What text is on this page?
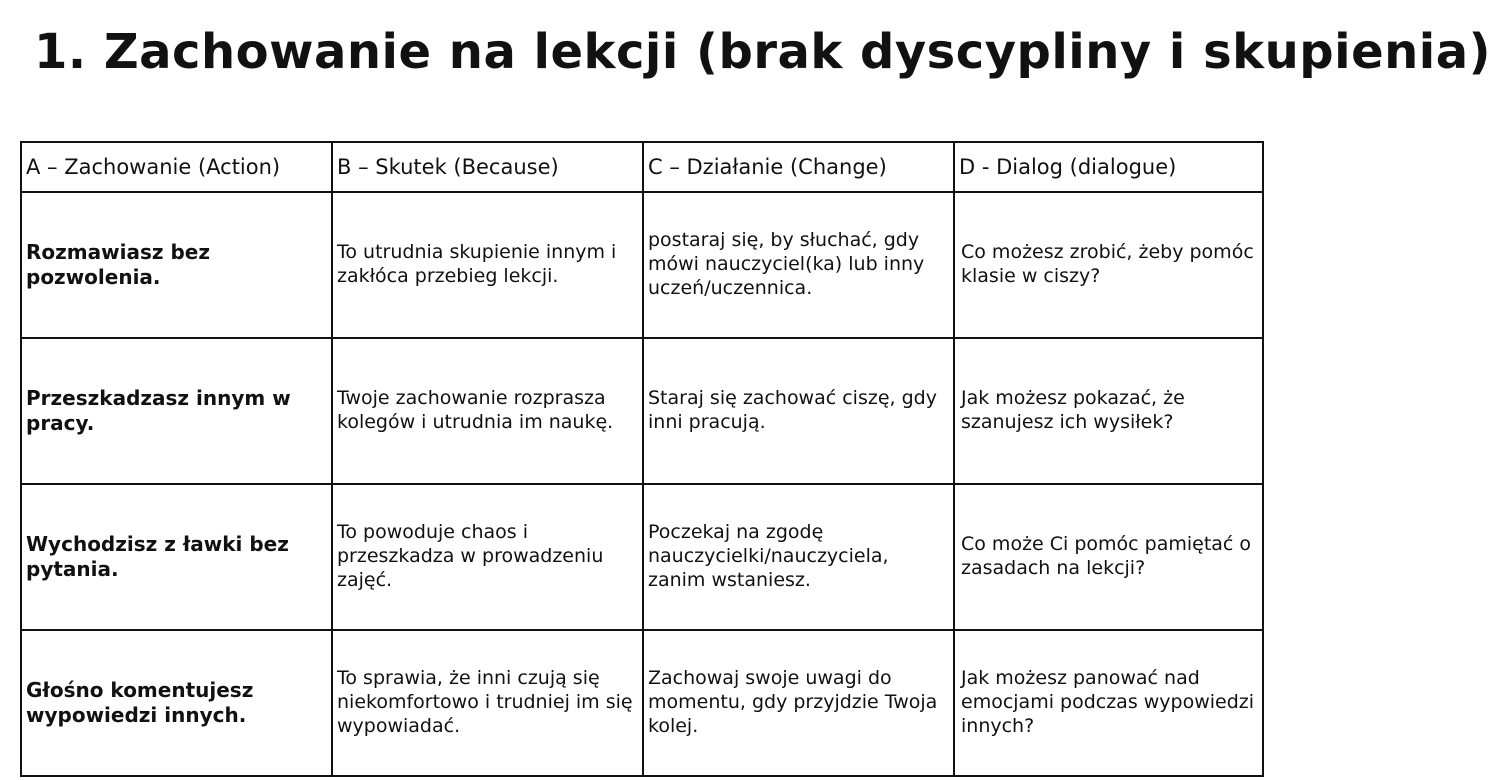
1. Zachowanie na lekcji (brak dyscypliny i skupienia)
A – Zachowanie (Action)	B – Skutek (Because)	C – Działanie (Change)	D - Dialog (dialogue)
Rozmawiasz bez pozwolenia.	To utrudnia skupienie innym i zakłóca przebieg lekcji.	postaraj się, by słuchać, gdy mówi nauczyciel(ka) lub inny uczeń/uczennica.	Co możesz zrobić, żeby pomóc klasie w ciszy?
Przeszkadzasz innym w pracy.	Twoje zachowanie rozprasza kolegów i utrudnia im naukę.	Staraj się zachować ciszę, gdy inni pracują.	Jak możesz pokazać, że szanujesz ich wysiłek?
Wychodzisz z ławki bez pytania.	To powoduje chaos i przeszkadza w prowadzeniu zajęć.	Poczekaj na zgodę nauczycielki/nauczyciela, zanim wstaniesz.	Co może Ci pomóc pamiętać o zasadach na lekcji?
Głośno komentujesz wypowiedzi innych.	To sprawia, że inni czują się niekomfortowo i trudniej im się wypowiadać.	Zachowaj swoje uwagi do momentu, gdy przyjdzie Twoja kolej.	Jak możesz panować nad emocjami podczas wypowiedzi innych?
